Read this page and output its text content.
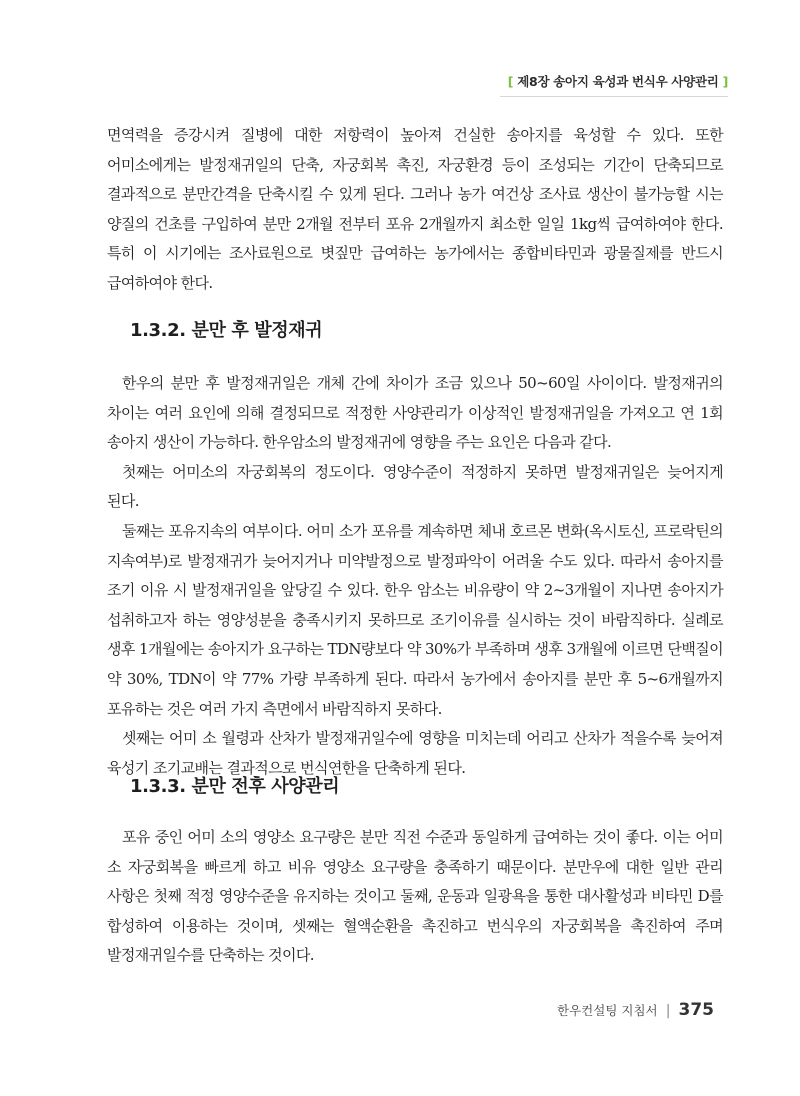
[ 제8장 송아지 육성과 번식우 사양관리 ]

면역력을 증강시켜 질병에 대한 저항력이 높아져 건실한 송아지를 육성할 수 있다. 또한 어미소에게는 발정재귀일의 단축, 자궁회복 촉진, 자궁환경 등이 조성되는 기간이 단축되므로 결과적으로 분만간격을 단축시킬 수 있게 된다. 그러나 농가 여건상 조사료 생산이 불가능할 시는 양질의 건초를 구입하여 분만 2개월 전부터 포유 2개월까지 최소한 일일 1kg씩 급여하여야 한다. 특히 이 시기에는 조사료원으로 볏짚만 급여하는 농가에서는 종합비타민과 광물질제를 반드시 급여하여야 한다.

1.3.2. 분만 후 발정재귀

한우의 분만 후 발정재귀일은 개체 간에 차이가 조금 있으나 50~60일 사이이다. 발정재귀의 차이는 여러 요인에 의해 결정되므로 적정한 사양관리가 이상적인 발정재귀일을 가져오고 연 1회 송아지 생산이 가능하다. 한우암소의 발정재귀에 영향을 주는 요인은 다음과 같다.

첫째는 어미소의 자궁회복의 정도이다. 영양수준이 적정하지 못하면 발정재귀일은 늦어지게 된다.

둘째는 포유지속의 여부이다. 어미 소가 포유를 계속하면 체내 호르몬 변화(옥시토신, 프로락틴의 지속여부)로 발정재귀가 늦어지거나 미약발정으로 발정파악이 어려울 수도 있다. 따라서 송아지를 조기 이유 시 발정재귀일을 앞당길 수 있다. 한우 암소는 비유량이 약 2~3개월이 지나면 송아지가 섭취하고자 하는 영양성분을 충족시키지 못하므로 조기이유를 실시하는 것이 바람직하다. 실례로 생후 1개월에는 송아지가 요구하는 TDN량보다 약 30%가 부족하며 생후 3개월에 이르면 단백질이 약 30%, TDN이 약 77% 가량 부족하게 된다. 따라서 농가에서 송아지를 분만 후 5~6개월까지 포유하는 것은 여러 가지 측면에서 바람직하지 못하다.

셋째는 어미 소 월령과 산차가 발정재귀일수에 영향을 미치는데 어리고 산차가 적을수록 늦어져 육성기 조기교배는 결과적으로 번식연한을 단축하게 된다.

1.3.3. 분만 전후 사양관리

포유 중인 어미 소의 영양소 요구량은 분만 직전 수준과 동일하게 급여하는 것이 좋다. 이는 어미 소 자궁회복을 빠르게 하고 비유 영양소 요구량을 충족하기 때문이다. 분만우에 대한 일반 관리 사항은 첫째 적정 영양수준을 유지하는 것이고 둘째, 운동과 일광욕을 통한 대사활성과 비타민 D를 합성하여 이용하는 것이며, 셋째는 혈액순환을 촉진하고 번식우의 자궁회복을 촉진하여 주며 발정재귀일수를 단축하는 것이다.

한우컨설팅 지침서 | 375
